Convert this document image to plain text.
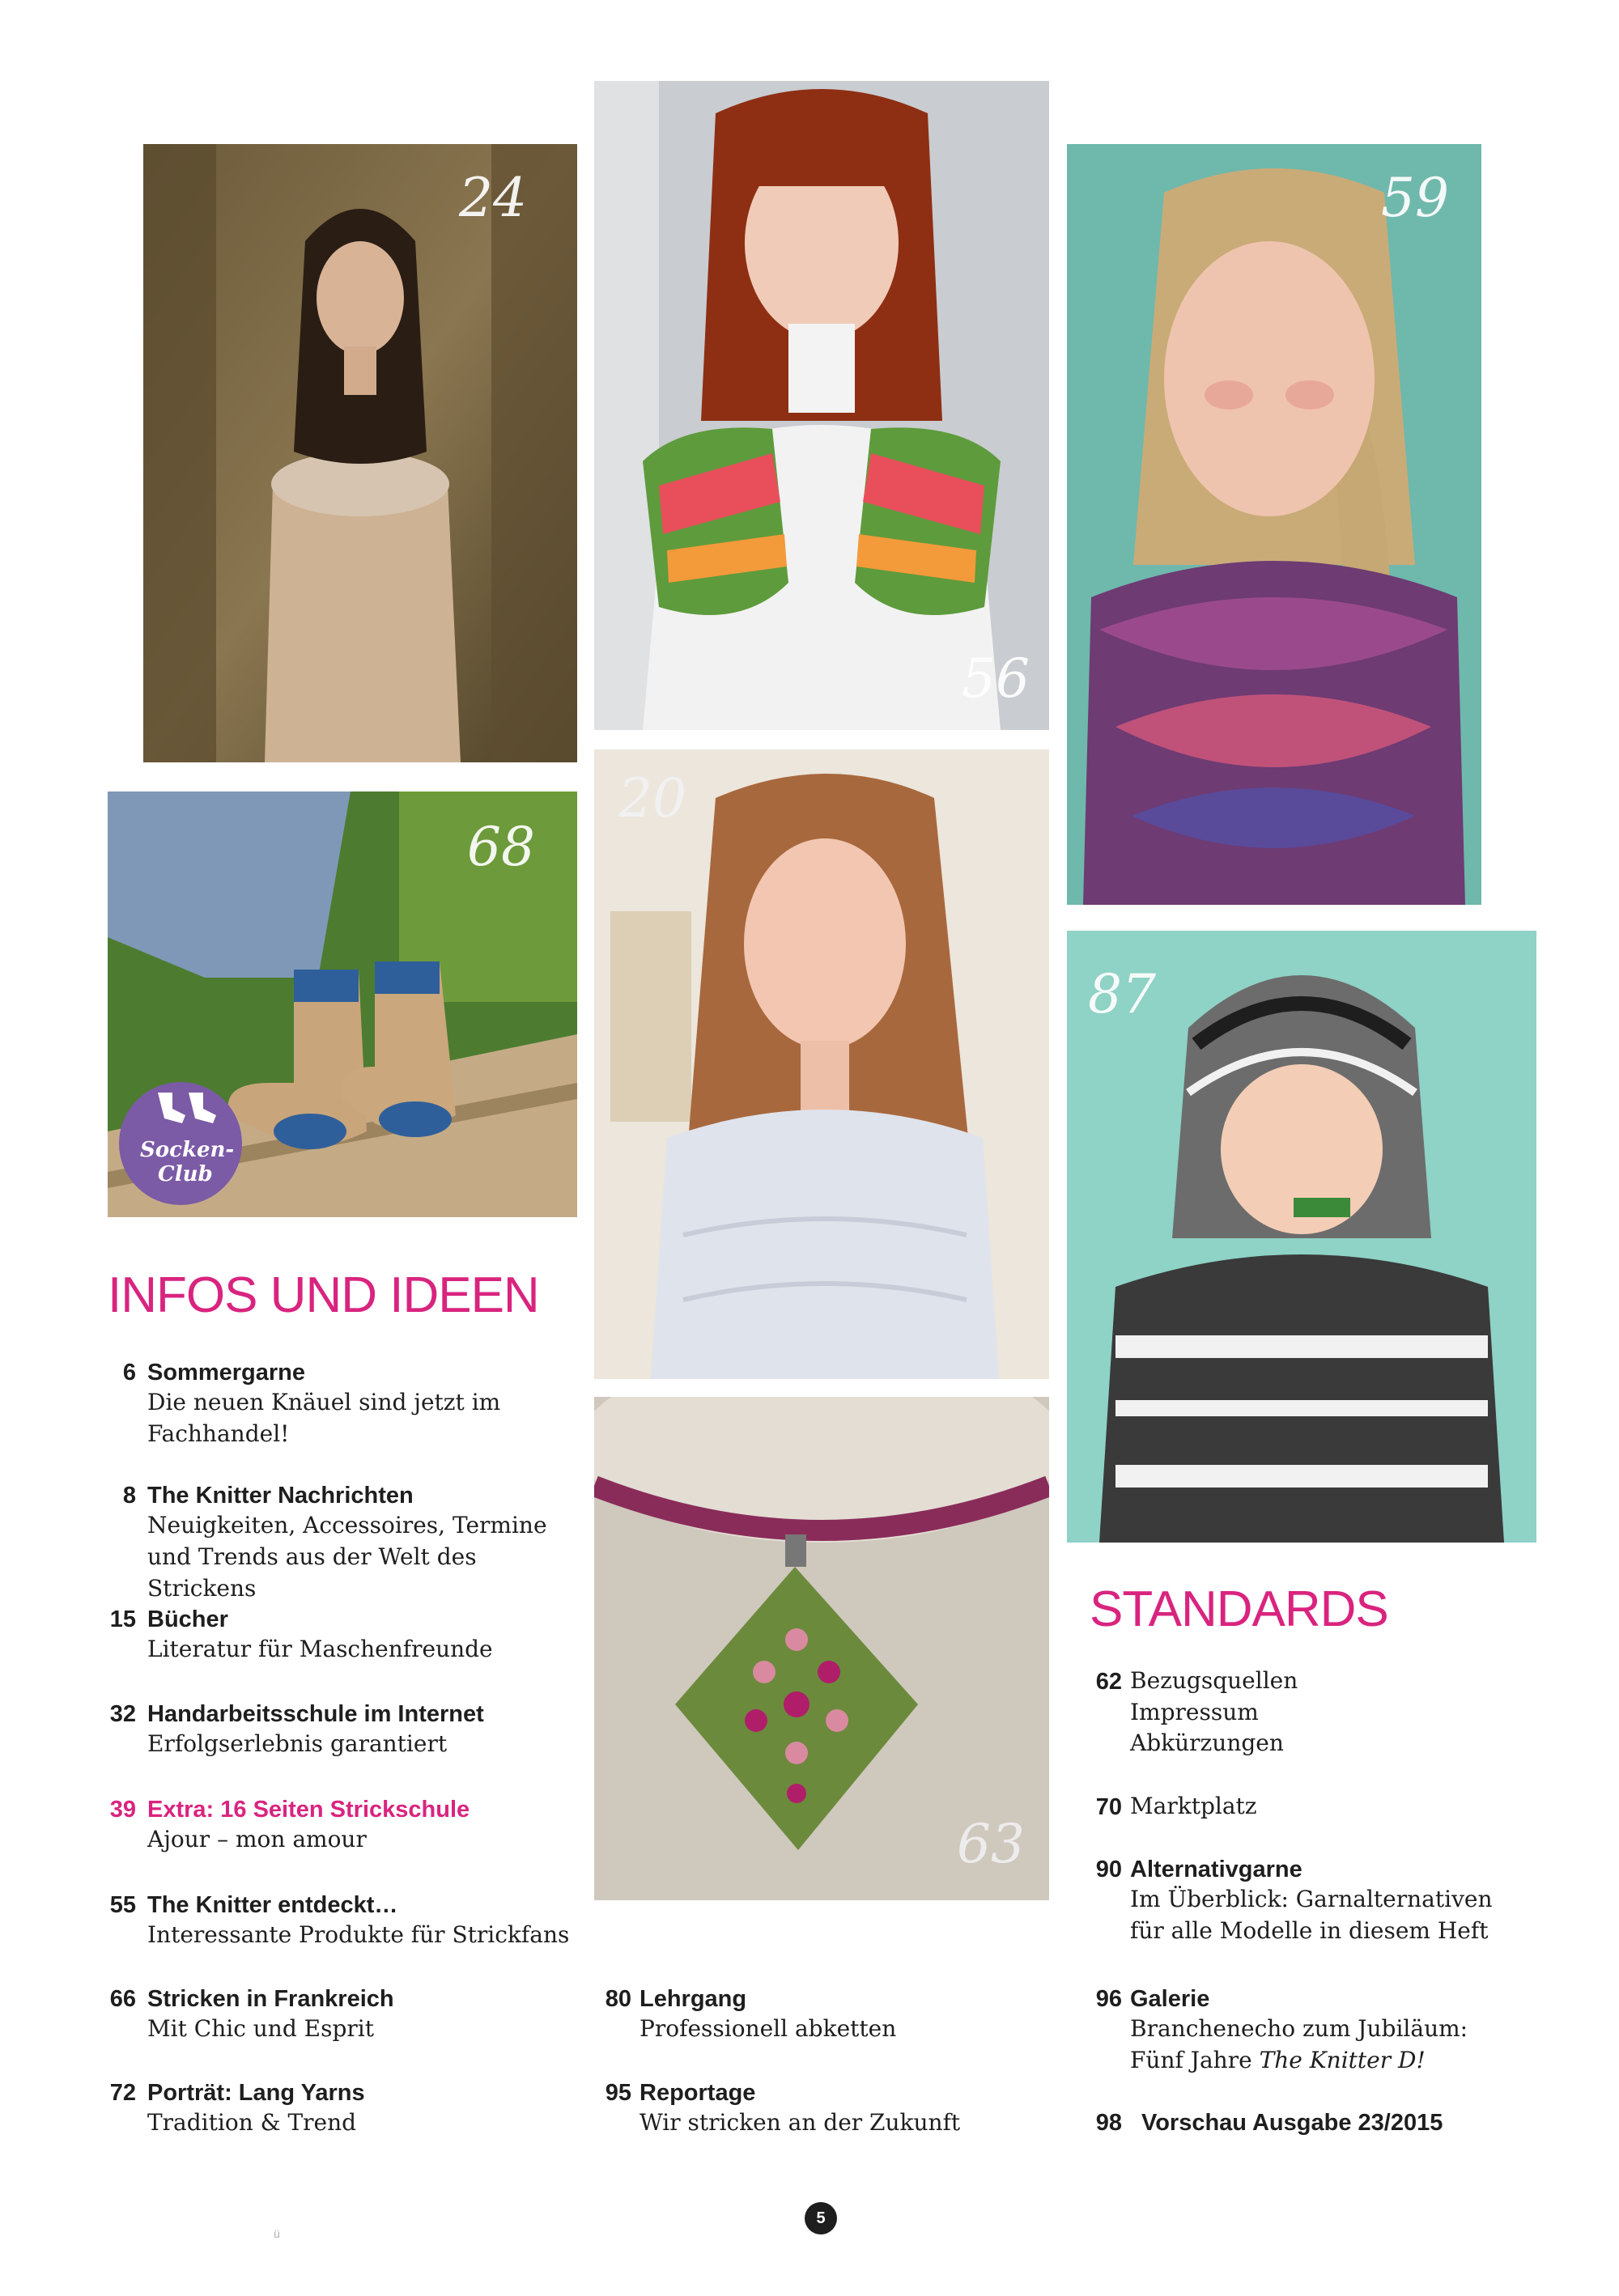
24
56
59
68
Socken-
Club
20
87
63
INFOS UND IDEEN
6 Sommergarne
Die neuen Knäuel sind jetzt im
Fachhandel!
8 The Knitter Nachrichten
Neuigkeiten, Accessoires, Termine
und Trends aus der Welt des Strickens
15 Bücher
Literatur für Maschenfreunde
32 Handarbeitsschule im Internet
Erfolgserlebnis garantiert
39 Extra: 16 Seiten Strickschule
Ajour – mon amour
55 The Knitter entdeckt…
Interessante Produkte für Strickfans
66 Stricken in Frankreich
Mit Chic und Esprit
72 Porträt: Lang Yarns
Tradition & Trend
80 Lehrgang
Professionell abketten
95 Reportage
Wir stricken an der Zukunft
STANDARDS
62 Bezugsquellen
Impressum
Abkürzungen
70 Marktplatz
90 Alternativgarne
Im Überblick: Garnalternativen
für alle Modelle in diesem Heft
96 Galerie
Branchenecho zum Jubiläum:
Fünf Jahre The Knitter D!
98 Vorschau Ausgabe 23/2015
5
ü
